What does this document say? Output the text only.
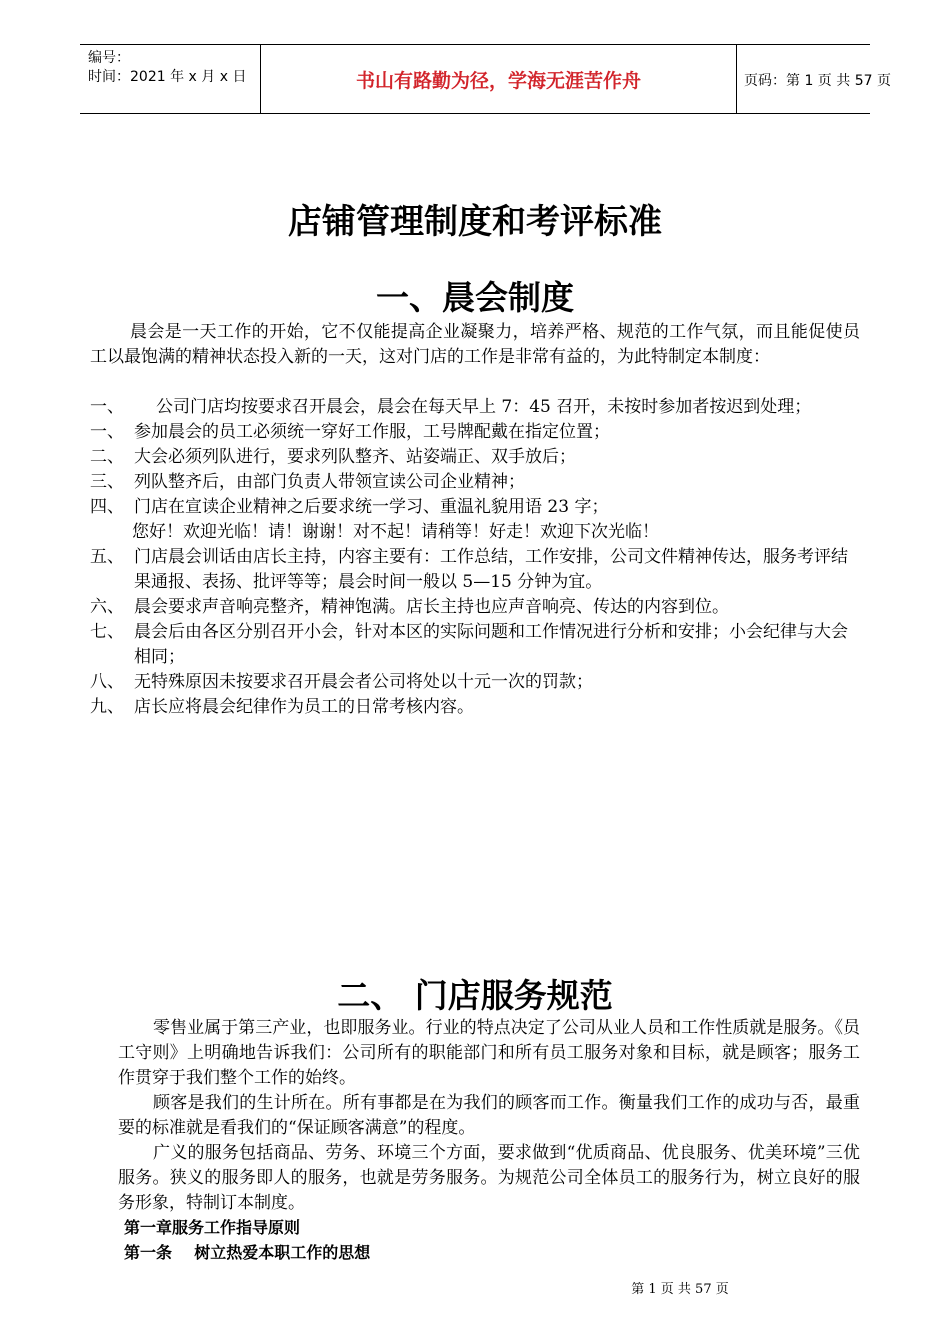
编号：
时间：2021 年 x 月 x 日	书山有路勤为径，学海无涯苦作舟	页码：第 1 页 共 57 页
店铺管理制度和考评标准
一、晨会制度
晨会是一天工作的开始，它不仅能提高企业凝聚力，培养严格、规范的工作气氛，而且能促使员工以最饱满的精神状态投入新的一天，这对门店的工作是非常有益的，为此特制定本制度：
一、	公司门店均按要求召开晨会，晨会在每天早上 7：45 召开，未按时参加者按迟到处理；
一、 参加晨会的员工必须统一穿好工作服，工号牌配戴在指定位置；
二、 大会必须列队进行，要求列队整齐、站姿端正、双手放后；
三、 列队整齐后，由部门负责人带领宣读公司企业精神；
四、 门店在宣读企业精神之后要求统一学习、重温礼貌用语 23 字；
您好！欢迎光临！请！谢谢！对不起！请稍等！好走！欢迎下次光临！
五、 门店晨会训话由店长主持，内容主要有：工作总结，工作安排，公司文件精神传达，服务考评结果通报、表扬、批评等等；晨会时间一般以 5—15 分钟为宜。
六、 晨会要求声音响亮整齐，精神饱满。店长主持也应声音响亮、传达的内容到位。
七、 晨会后由各区分别召开小会，针对本区的实际问题和工作情况进行分析和安排；小会纪律与大会相同；
八、 无特殊原因未按要求召开晨会者公司将处以十元一次的罚款；
九、 店长应将晨会纪律作为员工的日常考核内容。
二、 门店服务规范
零售业属于第三产业，也即服务业。行业的特点决定了公司从业人员和工作性质就是服务。《员工守则》上明确地告诉我们：公司所有的职能部门和所有员工服务对象和目标，就是顾客；服务工作贯穿于我们整个工作的始终。
顾客是我们的生计所在。所有事都是在为我们的顾客而工作。衡量我们工作的成功与否，最重要的标准就是看我们的“保证顾客满意”的程度。
广义的服务包括商品、劳务、环境三个方面，要求做到“优质商品、优良服务、优美环境”三优服务。狭义的服务即人的服务，也就是劳务服务。为规范公司全体员工的服务行为，树立良好的服务形象，特制订本制度。
第一章服务工作指导原则
第一条    树立热爱本职工作的思想
第 1 页 共 57 页
